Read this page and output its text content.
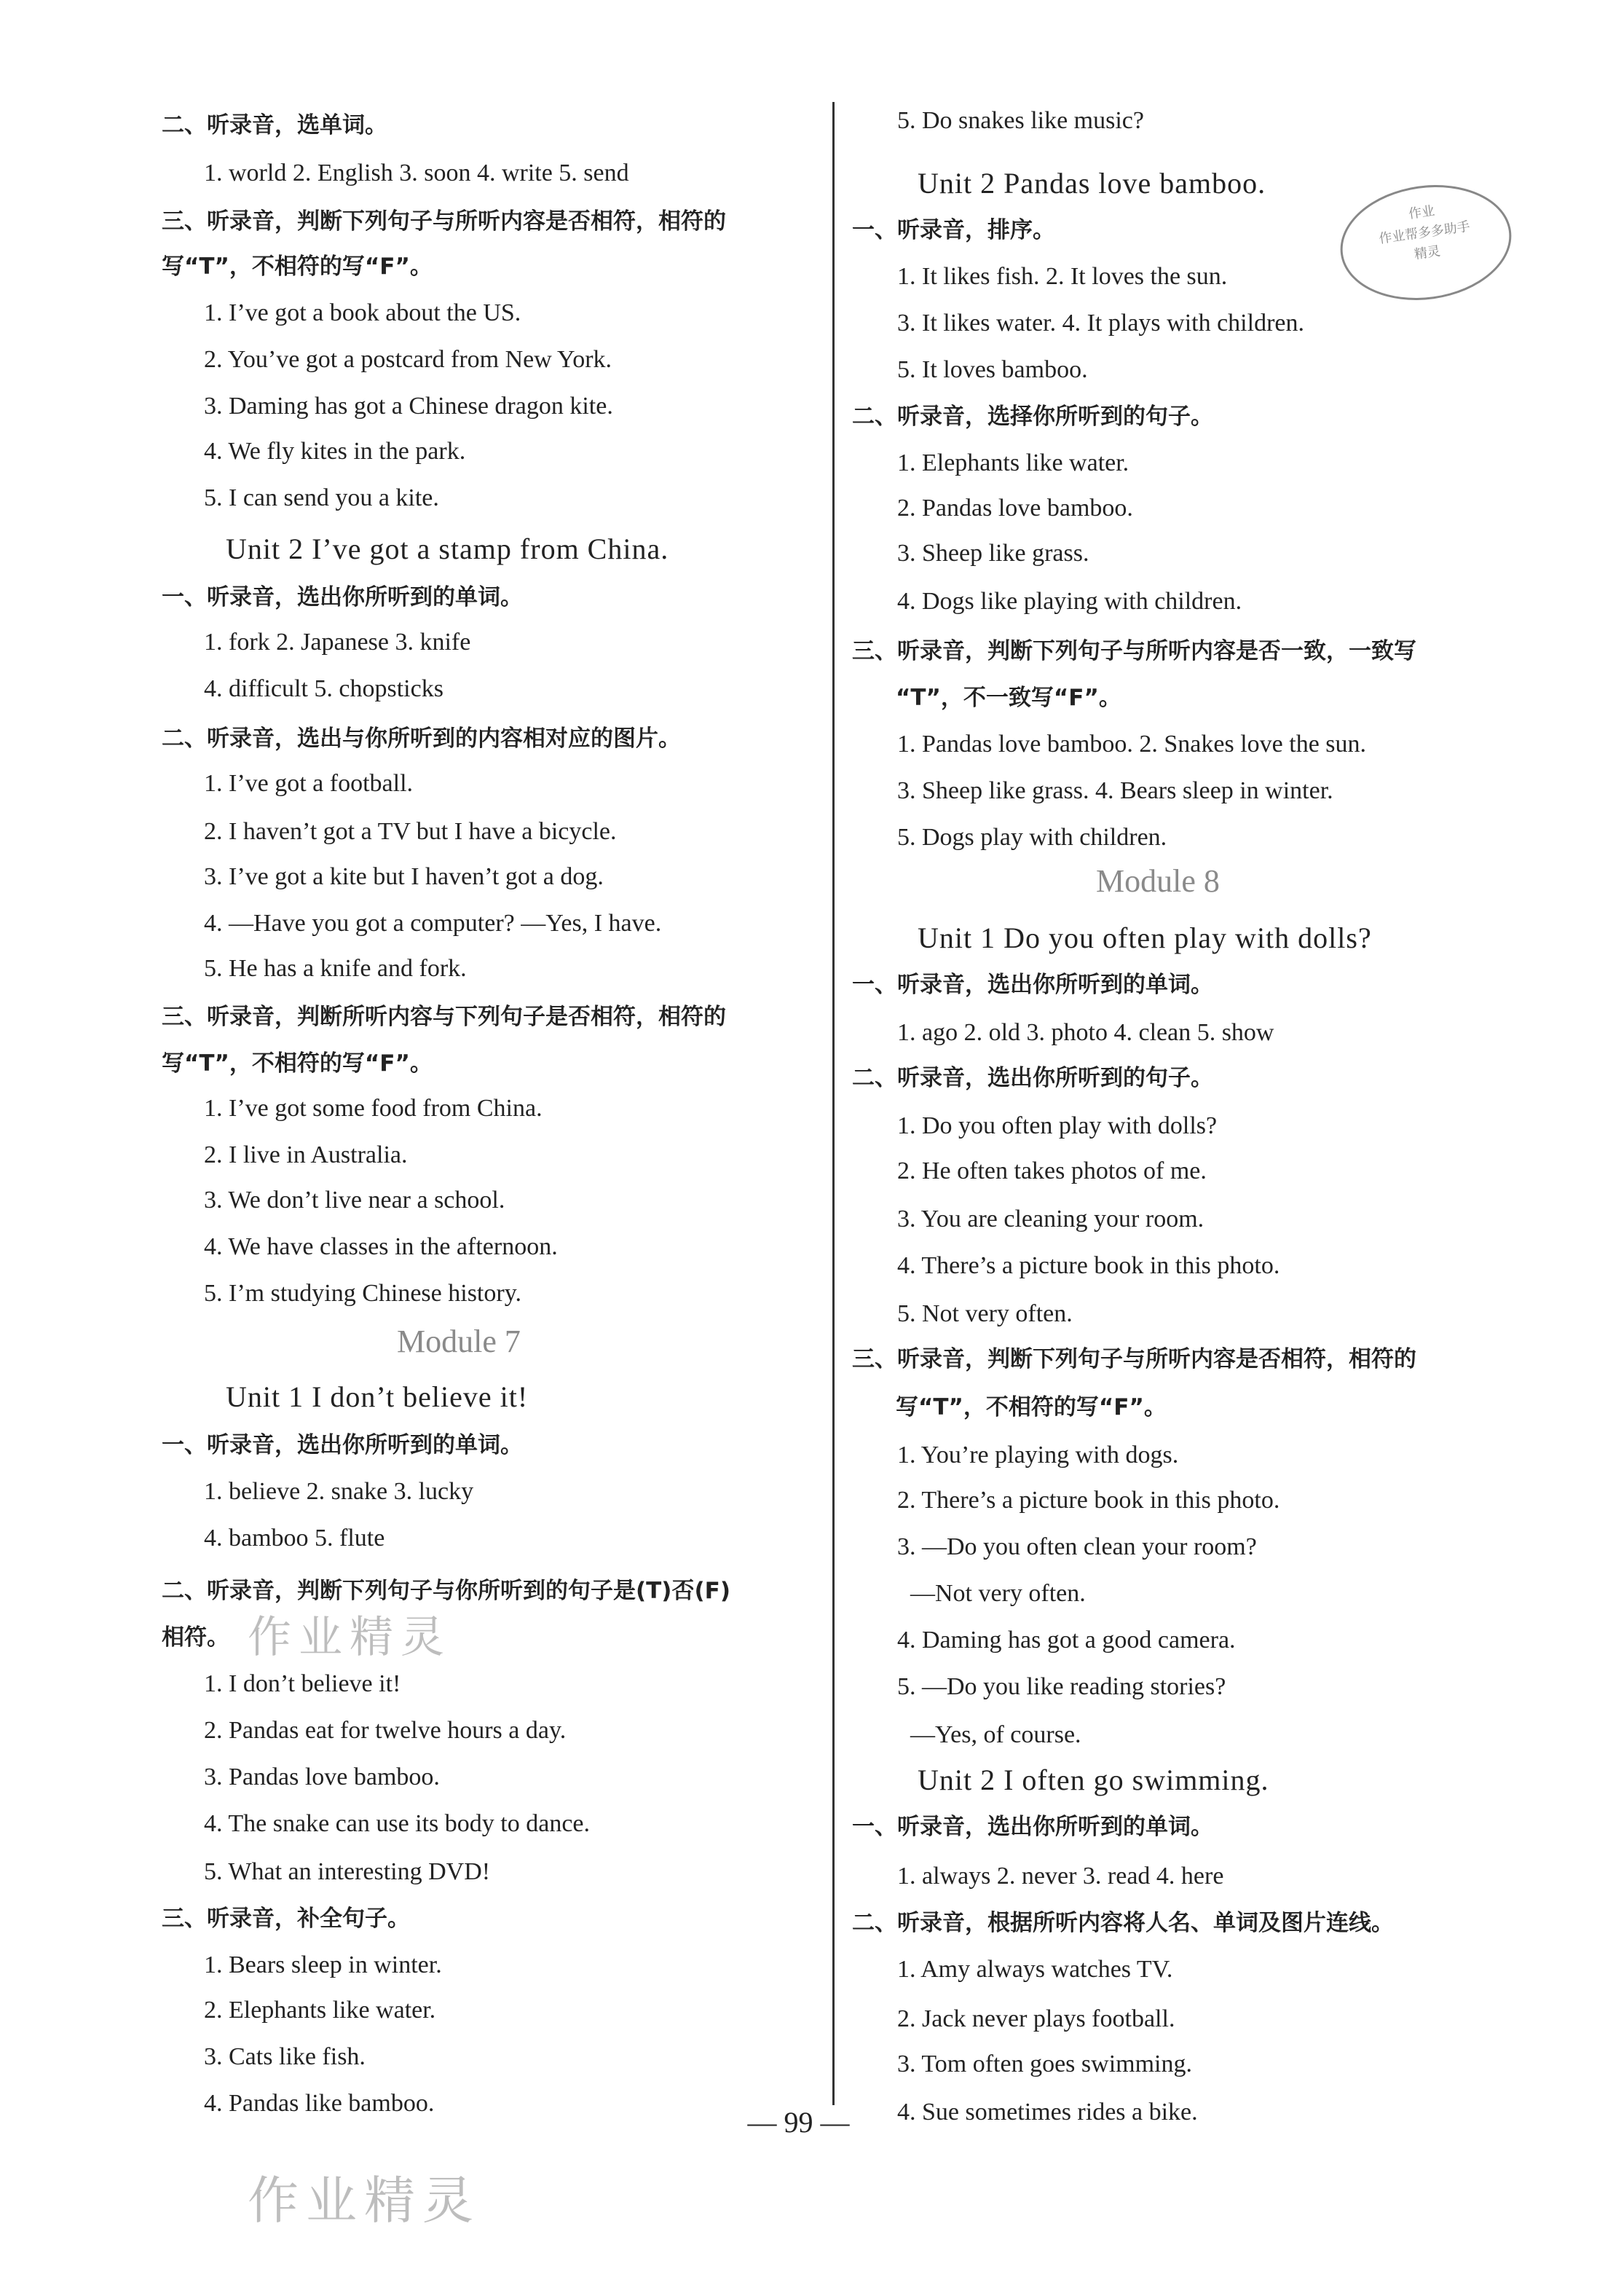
二、听录音，选单词。
1. world 2. English 3. soon 4. write 5. send
三、听录音，判断下列句子与所听内容是否相符，相符的
写“T”，不相符的写“F”。
1. I’ve got a book about the US.
2. You’ve got a postcard from New York.
3. Daming has got a Chinese dragon kite.
4. We fly kites in the park.
5. I can send you a kite.
Unit 2 I’ve got a stamp from China.
一、听录音，选出你所听到的单词。
1. fork 2. Japanese 3. knife
4. difficult 5. chopsticks
二、听录音，选出与你所听到的内容相对应的图片。
1. I’ve got a football.
2. I haven’t got a TV but I have a bicycle.
3. I’ve got a kite but I haven’t got a dog.
4. —Have you got a computer? —Yes, I have.
5. He has a knife and fork.
三、听录音，判断所听内容与下列句子是否相符，相符的
写“T”，不相符的写“F”。
1. I’ve got some food from China.
2. I live in Australia.
3. We don’t live near a school.
4. We have classes in the afternoon.
5. I’m studying Chinese history.
Module 7
Unit 1 I don’t believe it!
一、听录音，选出你所听到的单词。
1. believe 2. snake 3. lucky
4. bamboo 5. flute
二、听录音，判断下列句子与你所听到的句子是(T)否(F)
相符。
1. I don’t believe it!
2. Pandas eat for twelve hours a day.
3. Pandas love bamboo.
4. The snake can use its body to dance.
5. What an interesting DVD!
三、听录音，补全句子。
1. Bears sleep in winter.
2. Elephants like water.
3. Cats like fish.
4. Pandas like bamboo.
5. Do snakes like music?
Unit 2 Pandas love bamboo.
一、听录音，排序。
1. It likes fish. 2. It loves the sun.
3. It likes water. 4. It plays with children.
5. It loves bamboo.
二、听录音，选择你所听到的句子。
1. Elephants like water.
2. Pandas love bamboo.
3. Sheep like grass.
4. Dogs like playing with children.
三、听录音，判断下列句子与所听内容是否一致，一致写
“T”，不一致写“F”。
1. Pandas love bamboo. 2. Snakes love the sun.
3. Sheep like grass. 4. Bears sleep in winter.
5. Dogs play with children.
Module 8
Unit 1 Do you often play with dolls?
一、听录音，选出你所听到的单词。
1. ago 2. old 3. photo 4. clean 5. show
二、听录音，选出你所听到的句子。
1. Do you often play with dolls?
2. He often takes photos of me.
3. You are cleaning your room.
4. There’s a picture book in this photo.
5. Not very often.
三、听录音，判断下列句子与所听内容是否相符，相符的
写“T”，不相符的写“F”。
1. You’re playing with dogs.
2. There’s a picture book in this photo.
3. —Do you often clean your room?
—Not very often.
4. Daming has got a good camera.
5. —Do you like reading stories?
—Yes, of course.
Unit 2 I often go swimming.
一、听录音，选出你所听到的单词。
1. always 2. never 3. read 4. here
二、听录音，根据所听内容将人名、单词及图片连线。
1. Amy always watches TV.
2. Jack never plays football.
3. Tom often goes swimming.
4. Sue sometimes rides a bike.
作业
作业帮多多助手
精灵
作业精灵
作业精灵
— 99 —
